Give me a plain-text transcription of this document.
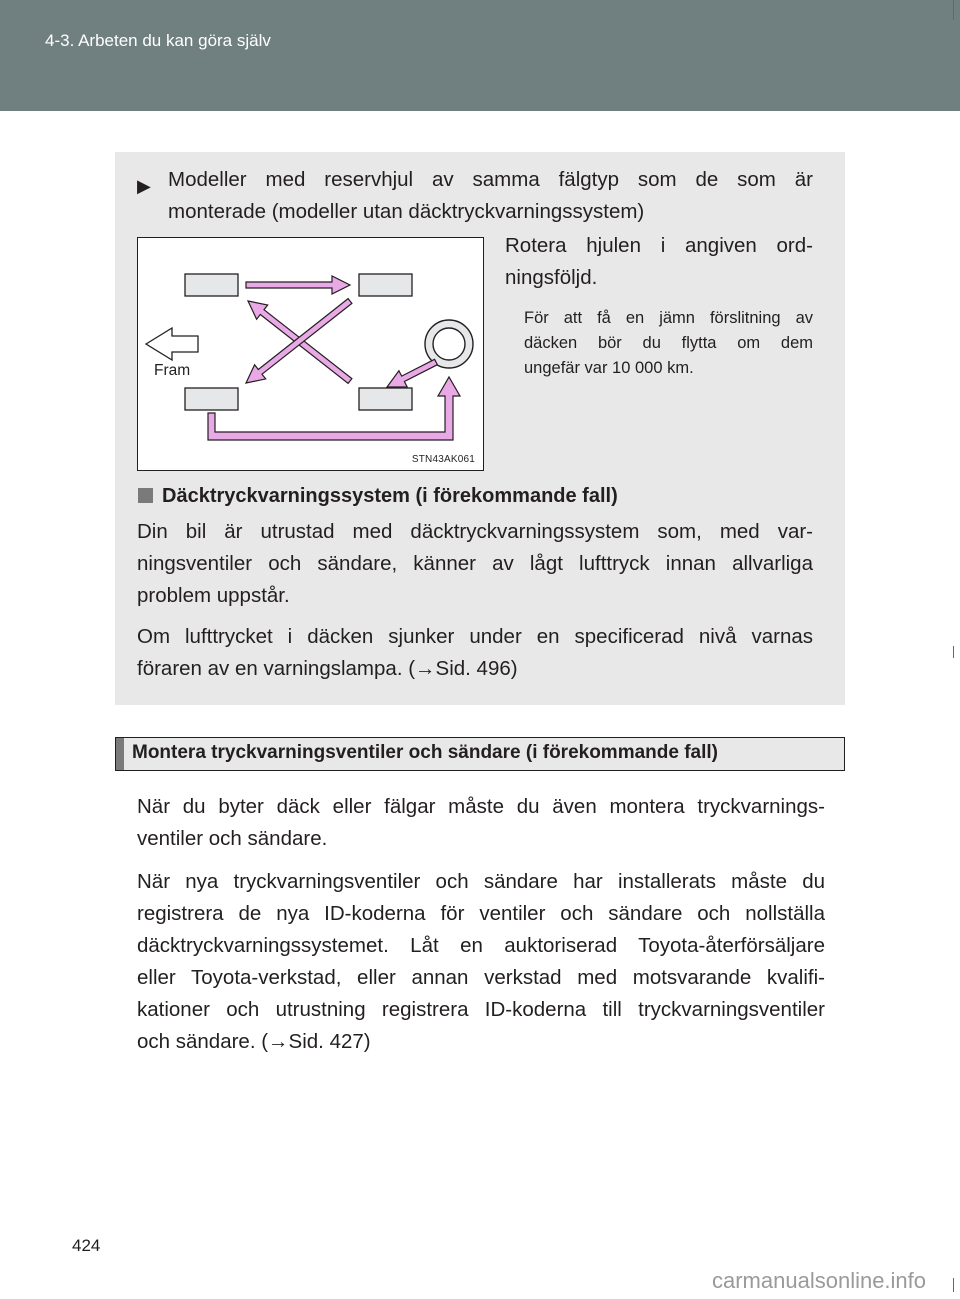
4-3. Arbeten du kan göra själv
▶ Modeller med reservhjul av samma fälgtyp som de som är

monterade (modeller utan däcktryckvarningssystem)

Fram
STN43AK061

Rotera hjulen i angiven ord-

ningsföljd.

För att få en jämn förslitning av

däcken bör du flytta om dem

ungefär var 10 000 km.

Däcktryckvarningssystem (i förekommande fall)

Din bil är utrustad med däcktryckvarningssystem som, med var-

ningsventiler och sändare, känner av lågt lufttryck innan allvarliga

problem uppstår.

Om lufttrycket i däcken sjunker under en specificerad nivå varnas

föraren av en varningslampa. (→Sid. 496)

Montera tryckvarningsventiler och sändare (i förekommande fall)

När du byter däck eller fälgar måste du även montera tryckvarnings-

ventiler och sändare.

När nya tryckvarningsventiler och sändare har installerats måste du

registrera de nya ID-koderna för ventiler och sändare och nollställa

däcktryckvarningssystemet. Låt en auktoriserad Toyota-återförsäljare

eller Toyota-verkstad, eller annan verkstad med motsvarande kvalifi-

kationer och utrustning registrera ID-koderna till tryckvarningsventiler

och sändare. (→Sid. 427)

424
carmanualsonline.info
